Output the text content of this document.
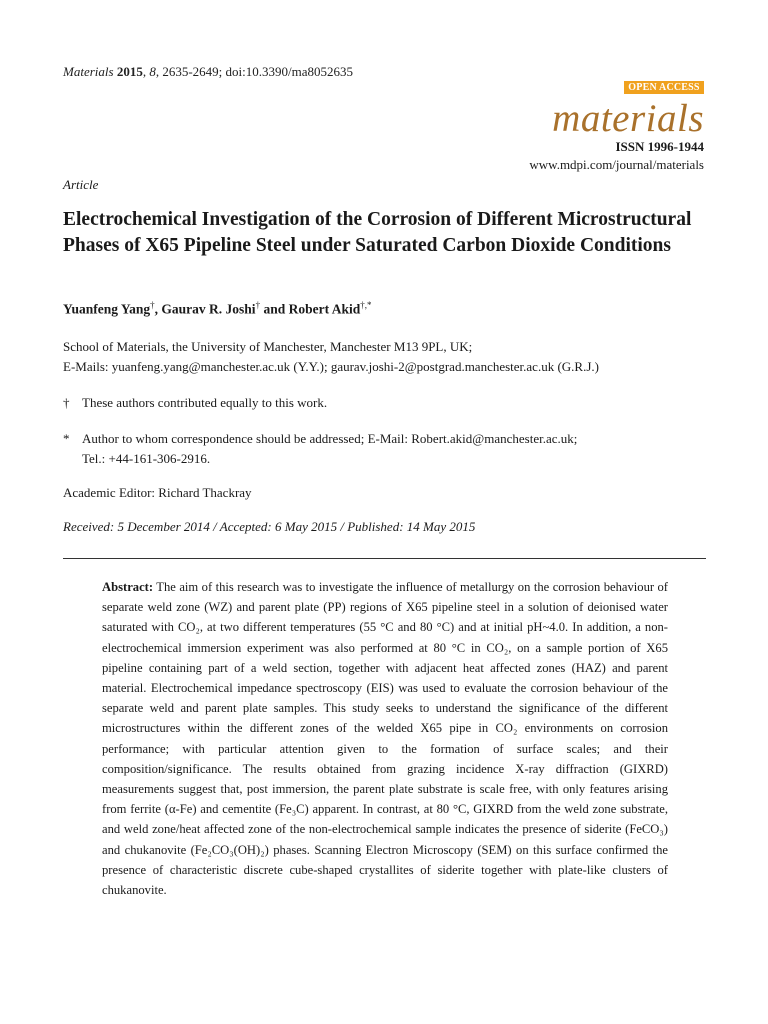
Materials 2015, 8, 2635-2649; doi:10.3390/ma8052635
OPEN ACCESS
materials
ISSN 1996-1944
www.mdpi.com/journal/materials
Article
Electrochemical Investigation of the Corrosion of Different Microstructural Phases of X65 Pipeline Steel under Saturated Carbon Dioxide Conditions
Yuanfeng Yang†, Gaurav R. Joshi† and Robert Akid†,*
School of Materials, the University of Manchester, Manchester M13 9PL, UK;
E-Mails: yuanfeng.yang@manchester.ac.uk (Y.Y.); gaurav.joshi-2@postgrad.manchester.ac.uk (G.R.J.)
† These authors contributed equally to this work.
* Author to whom correspondence should be addressed; E-Mail: Robert.akid@manchester.ac.uk;
Tel.: +44-161-306-2916.
Academic Editor: Richard Thackray
Received: 5 December 2014 / Accepted: 6 May 2015 / Published: 14 May 2015

Abstract: The aim of this research was to investigate the influence of metallurgy on the corrosion behaviour of separate weld zone (WZ) and parent plate (PP) regions of X65 pipeline steel in a solution of deionised water saturated with CO₂, at two different temperatures (55 °C and 80 °C) and at initial pH~4.0. In addition, a non-electrochemical immersion experiment was also performed at 80 °C in CO₂, on a sample portion of X65 pipeline containing part of a weld section, together with adjacent heat affected zones (HAZ) and parent material. Electrochemical impedance spectroscopy (EIS) was used to evaluate the corrosion behaviour of the separate weld and parent plate samples. This study seeks to understand the significance of the different microstructures within the different zones of the welded X65 pipe in CO₂ environments on corrosion performance; with particular attention given to the formation of surface scales; and their composition/significance. The results obtained from grazing incidence X-ray diffraction (GIXRD) measurements suggest that, post immersion, the parent plate substrate is scale free, with only features arising from ferrite (α-Fe) and cementite (Fe₃C) apparent. In contrast, at 80 °C, GIXRD from the weld zone substrate, and weld zone/heat affected zone of the non-electrochemical sample indicates the presence of siderite (FeCO₃) and chukanovite (Fe₂CO₃(OH)₂) phases. Scanning Electron Microscopy (SEM) on this surface confirmed the presence of characteristic discrete cube-shaped crystallites of siderite together with plate-like clusters of chukanovite.
